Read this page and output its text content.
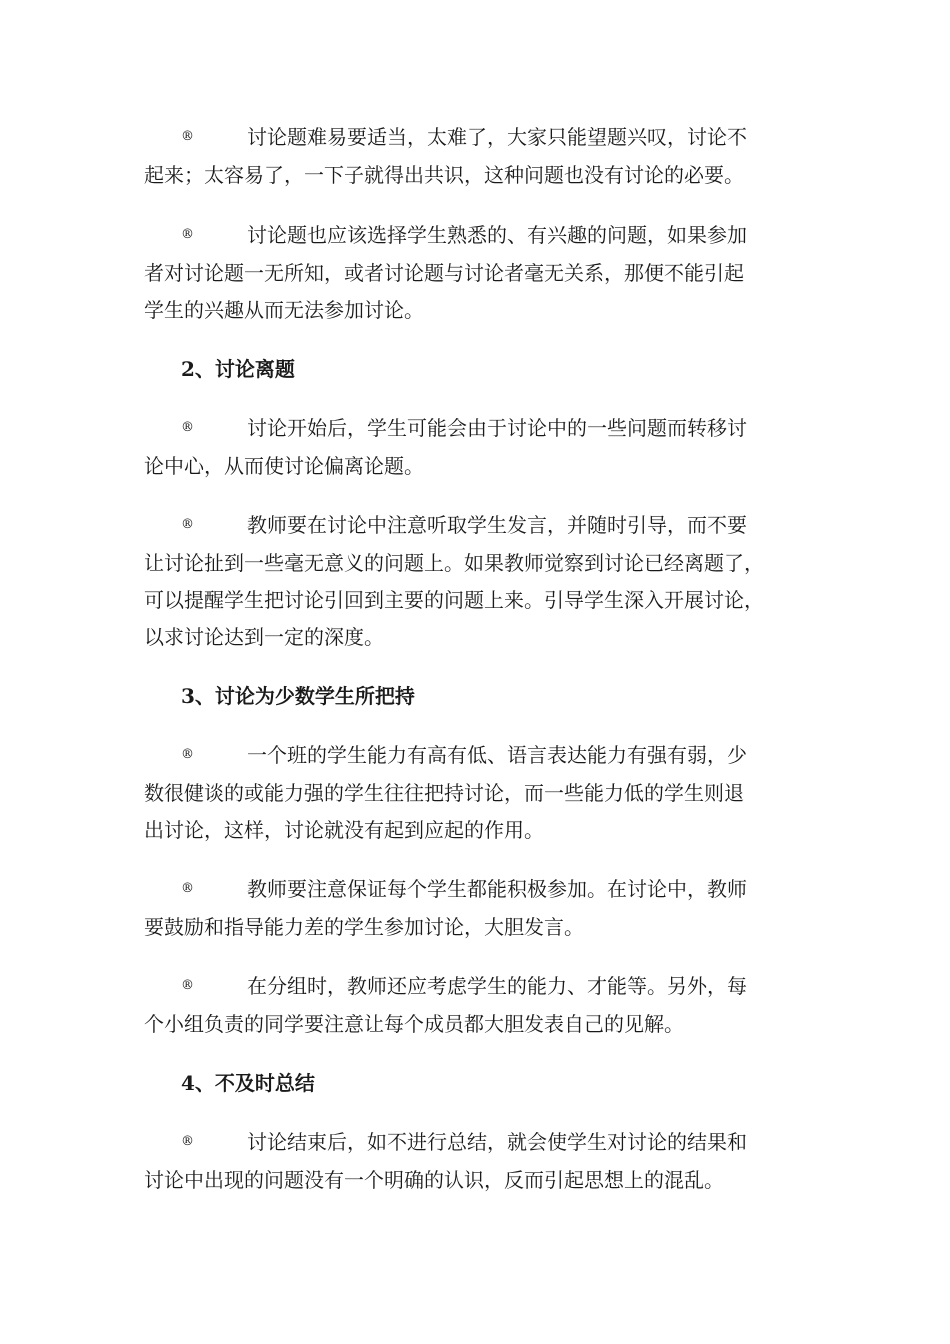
®	讨论题难易要适当，太难了，大家只能望题兴叹，讨论不
起来；太容易了，一下子就得出共识，这种问题也没有讨论的必要。
®	讨论题也应该选择学生熟悉的、有兴趣的问题，如果参加
者对讨论题一无所知，或者讨论题与讨论者毫无关系，那便不能引起
学生的兴趣从而无法参加讨论。
2、讨论离题
®	讨论开始后，学生可能会由于讨论中的一些问题而转移讨
论中心，从而使讨论偏离论题。
®	教师要在讨论中注意听取学生发言，并随时引导，而不要
让讨论扯到一些毫无意义的问题上。如果教师觉察到讨论已经离题了，
可以提醒学生把讨论引回到主要的问题上来。引导学生深入开展讨论，
以求讨论达到一定的深度。
3、讨论为少数学生所把持
®	一个班的学生能力有高有低、语言表达能力有强有弱，少
数很健谈的或能力强的学生往往把持讨论，而一些能力低的学生则退
出讨论，这样，讨论就没有起到应起的作用。
®	教师要注意保证每个学生都能积极参加。在讨论中，教师
要鼓励和指导能力差的学生参加讨论，大胆发言。
®	在分组时，教师还应考虑学生的能力、才能等。另外，每
个小组负责的同学要注意让每个成员都大胆发表自己的见解。
4、不及时总结
®	讨论结束后，如不进行总结，就会使学生对讨论的结果和
讨论中出现的问题没有一个明确的认识，反而引起思想上的混乱。
